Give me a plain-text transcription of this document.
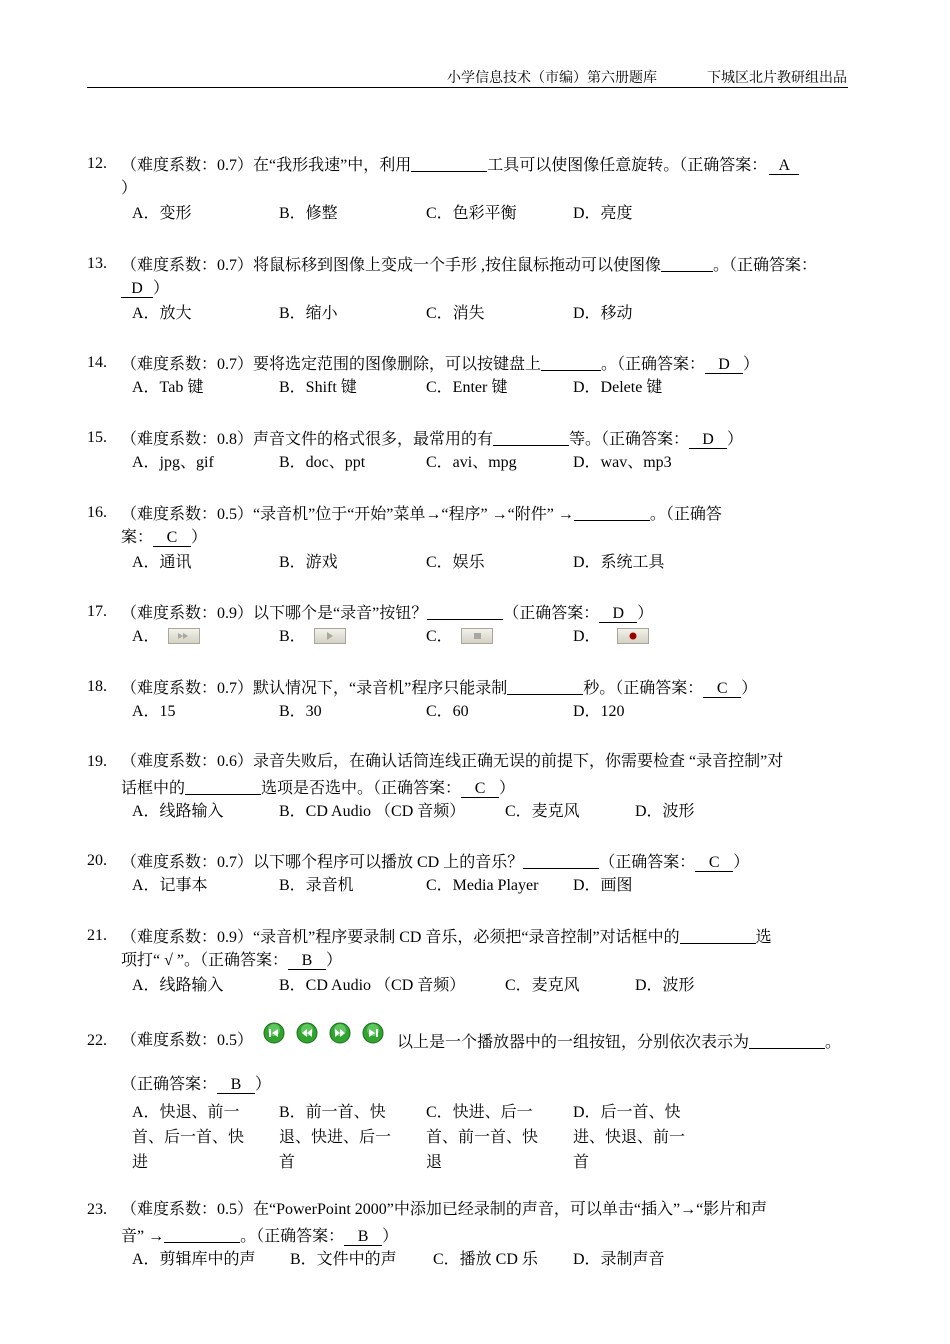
小学信息技术（市编）第六册题库	下城区北片教研组出品
12. （难度系数：0.7）在“我形我速”中，利用	工具可以使图像任意旋转。（正确答案： A
）
A．变形	B．修整	C．色彩平衡	D．亮度
13. （难度系数：0.7）将鼠标移到图像上变成一个手形 ,按住鼠标拖动可以使图像	。（正确答案：
D ）
A．放大	B．缩小	C．消失	D．移动
14. （难度系数：0.7）要将选定范围的图像删除，可以按键盘上	。（正确答案： D ）
A．Tab 键	B．Shift 键	C．Enter 键	D．Delete 键
15. （难度系数：0.8）声音文件的格式很多，最常用的有	等。（正确答案： D ）
A．jpg、gif	B．doc、ppt	C．avi、mpg	D．wav、mp3
16. （难度系数：0.5）“录音机”位于“开始”菜单→“程序” →“附件” →	。（正确答
案： C ）
A．通讯	B．游戏	C．娱乐	D．系统工具
17. （难度系数：0.9）以下哪个是“录音”按钮？	（正确答案： D ）
A．	B．	C．	D．
18. （难度系数：0.7）默认情况下，“录音机”程序只能录制	秒。（正确答案： C ）
A．15	B．30	C．60	D．120
19. （难度系数：0.6）录音失败后，在确认话筒连线正确无误的前提下，你需要检查 “录音控制”对
话框中的	选项是否选中。（正确答案： C ）
A．线路输入	B．CD Audio （CD 音频） C．麦克风	D．波形
20. （难度系数：0.7）以下哪个程序可以播放 CD 上的音乐？	（正确答案： C ）
A．记事本	B．录音机	C．Media Player D．画图
21. （难度系数：0.9）“录音机”程序要录制 CD 音乐，必须把“录音控制”对话框中的	选
项打“ √ ”。（正确答案： B ）
A．线路输入	B．CD Audio （CD 音频） C．麦克风	D．波形
22. （难度系数：0.5）	以上是一个播放器中的一组按钮，分别依次表示为	。
（正确答案： B ）
A．快退、前一
首、后一首、快
进
B．前一首、快
退、快进、后一
首
C．快进、后一
首、前一首、快
退
D．后一首、快
进、快退、前一
首
23. （难度系数：0.5）在“PowerPoint 2000”中添加已经录制的声音，可以单击“插入”→“影片和声
音” →	。（正确答案： B ）
A．剪辑库中的声 B．文件中的声 C．播放 CD 乐 D．录制声音
